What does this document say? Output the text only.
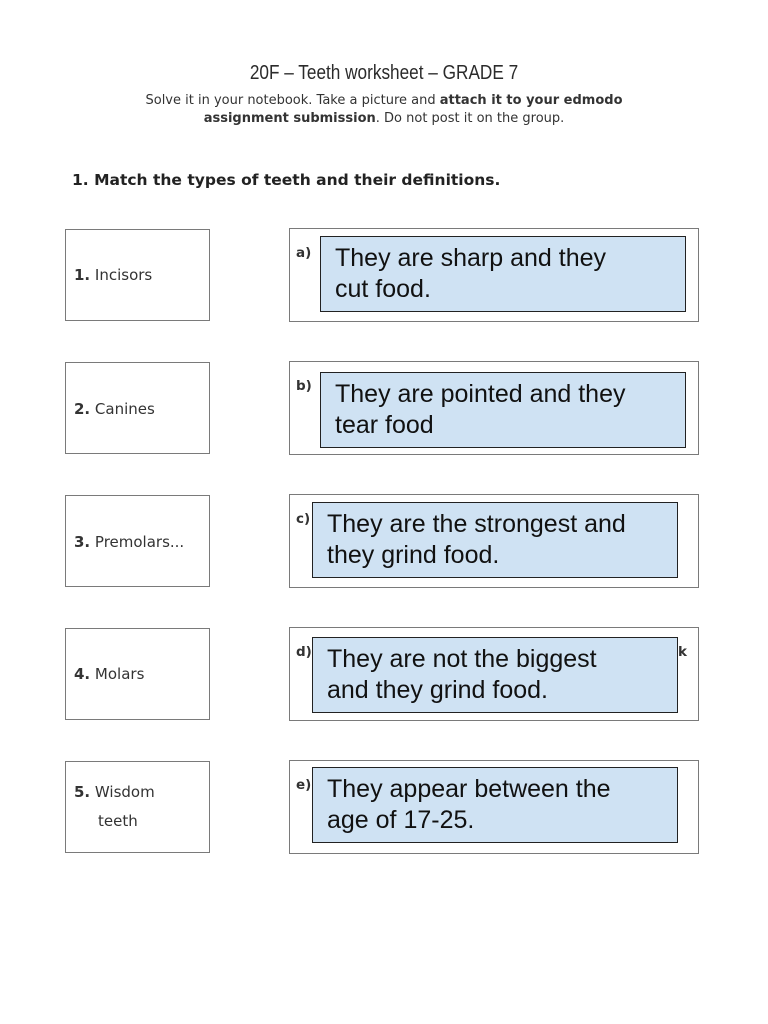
20F – Teeth worksheet – GRADE 7
Solve it in your notebook. Take a picture and attach it to your edmodo
assignment submission. Do not post it on the group.
1. Match the types of teeth and their definitions.
1. Incisors
a) They are sharp and they
cut food.
2. Canines
b) They are pointed and they
tear food
3. Premolars...
c) They are the strongest and
they grind food.
4. Molars
d)	k
They are not the biggest
and they grind food.
5. Wisdom
teeth
e) They appear between the
age of 17-25.
